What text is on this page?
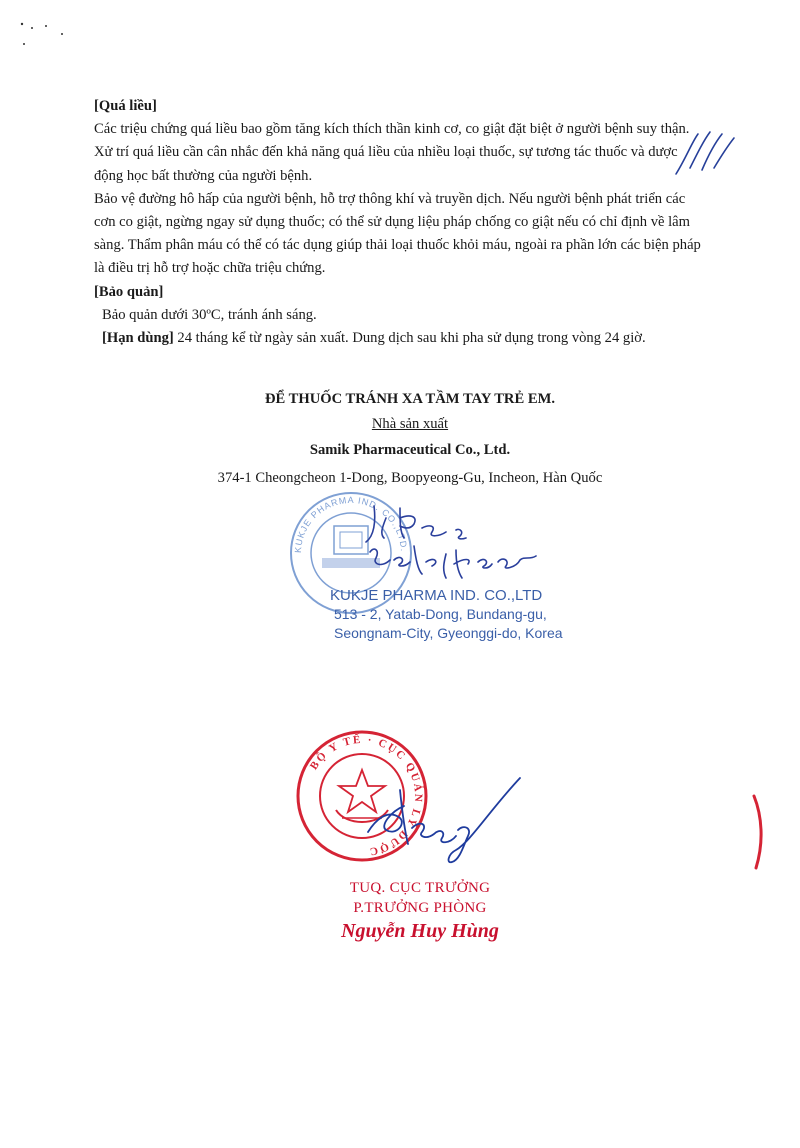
[Quá liều]

Các triệu chứng quá liều bao gồm tăng kích thích thần kinh cơ, co giật đặt biệt ở người bệnh suy thận.

Xử trí quá liều cần cân nhắc đến khả năng quá liều của nhiều loại thuốc, sự tương tác thuốc và dược động học bất thường của người bệnh.

Bảo vệ đường hô hấp của người bệnh, hỗ trợ thông khí và truyền dịch. Nếu người bệnh phát triển các cơn co giật, ngừng ngay sử dụng thuốc; có thể sử dụng liệu pháp chống co giật nếu có chỉ định về lâm sàng. Thẩm phân máu có thể có tác dụng giúp thải loại thuốc khỏi máu, ngoài ra phần lớn các biện pháp là điều trị hỗ trợ hoặc chữa triệu chứng.

[Bảo quản]

Bảo quản dưới 30ºC, tránh ánh sáng.

[Hạn dùng] 24 tháng kể từ ngày sản xuất. Dung dịch sau khi pha sử dụng trong vòng 24 giờ.

ĐỂ THUỐC TRÁNH XA TẦM TAY TRẺ EM.
Nhà sản xuất
Samik Pharmaceutical Co., Ltd.
374-1 Cheongcheon 1-Dong, Boopyeong-Gu, Incheon, Hàn Quốc
KUKJE PHARMA IND. CO.,LTD.
KUKJE PHARMA IND. CO.,LTD
513 - 2, Yatab-Dong, Bundang-gu,
Seongnam-City, Gyeonggi-do, Korea
BỘ Y TẾ · CỤC QUẢN LÝ DƯỢC
TUQ. CỤC TRƯỞNG
P.TRƯỞNG PHÒNG
Nguyễn Huy Hùng
